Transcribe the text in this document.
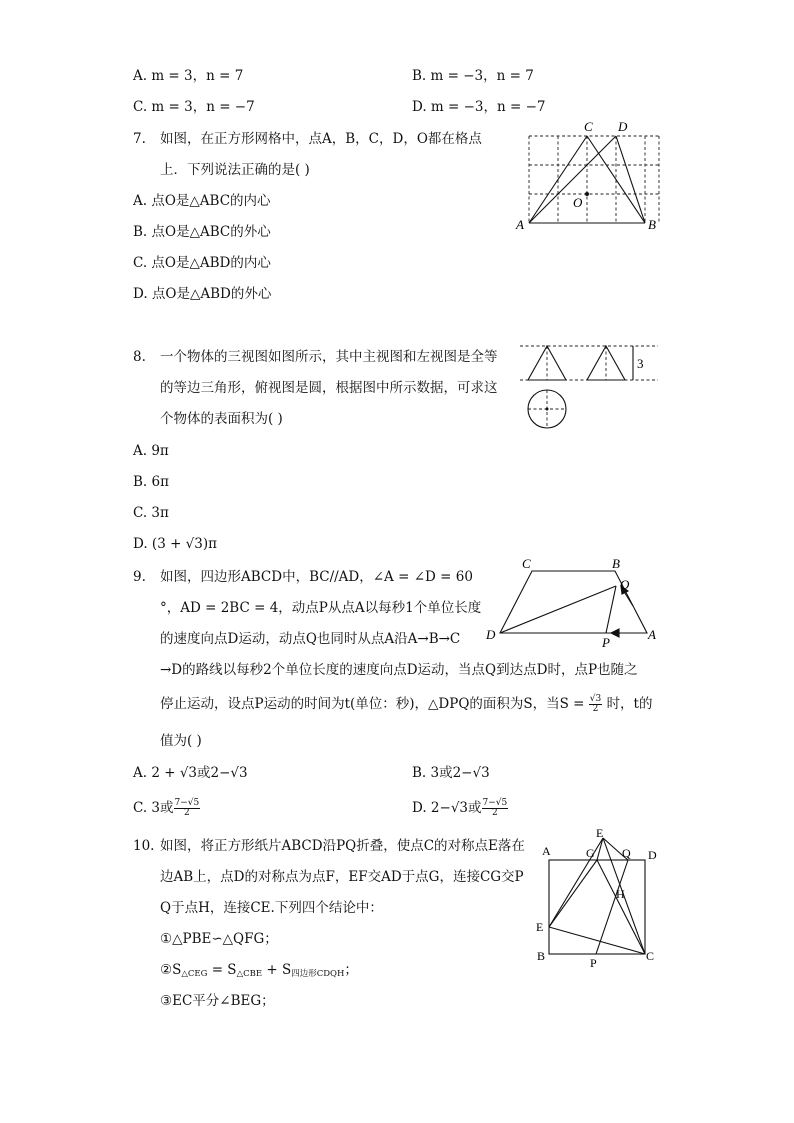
A. m = 3，n = 7	B. m = −3，n = 7
C. m = 3，n = −7	D. m = −3，n = −7
7. 如图，在正方形网格中，点A，B，C，D，O都在格点
上．下列说法正确的是( )
A. 点O是△ABC的内心
B. 点O是△ABC的外心
C. 点O是△ABD的内心
D. 点O是△ABD的外心
C D
O
A	B
8. 一个物体的三视图如图所示，其中主视图和左视图是全等
的等边三角形，俯视图是圆，根据图中所示数据，可求这
个物体的表面积为( )
A. 9π
B. 6π
C. 3π
D. (3 + √3)π
3
9. 如图，四边形ABCD中，BC//AD，∠A = ∠D = 60
°，AD = 2BC = 4，动点P从点A以每秒1个单位长度
的速度向点D运动，动点Q也同时从点A沿A→B→C
→D的路线以每秒2个单位长度的速度向点D运动，当点Q到达点D时，点P也随之
停止运动，设点P运动的时间为t(单位：秒)，△DPQ的面积为S，当$S = \frac{√3}{2}$ 时，t的
值为( )
A. 2 + √3或2−√3	B. 3或2−√3
C. 3或 $\frac{7-√5}{2}$	D. 2−√3或 $\frac{7-√5}{2}$
C	B
O
D
P
A
10. 如图，将正方形纸片ABCD沿PQ折叠，使点C的对称点E落在
边AB上，点D的对称点为点F，EF交AD于点G，连接CG交P
Q于点H，连接CE.下列四个结论中：
①△PBE∽△QFG；
$②S_{\triangle CEG} = S_{\triangle CBE} + S_{四边形CDQH}$；
③EC平分∠BEG；
E
A	G Q D
H
E
B	P	C
